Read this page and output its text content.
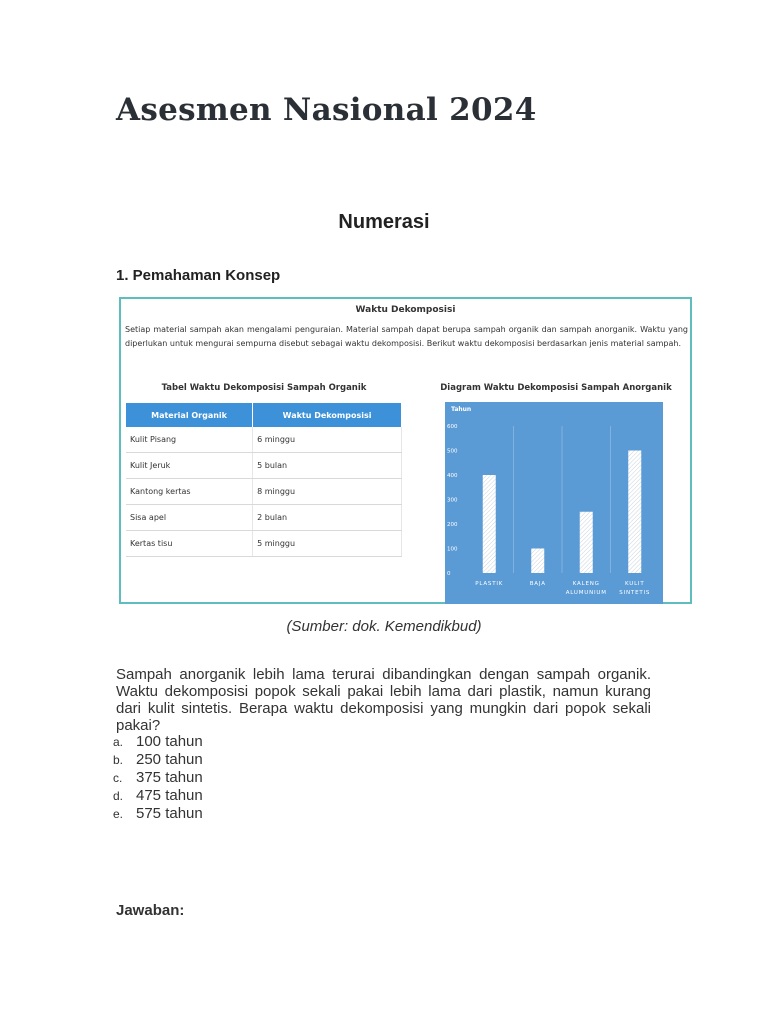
Asesmen Nasional 2024
Numerasi
1. Pemahaman Konsep
Waktu Dekomposisi
Setiap material sampah akan mengalami penguraian. Material sampah dapat berupa sampah organik dan sampah anorganik. Waktu yang diperlukan untuk mengurai sempurna disebut sebagai waktu dekomposisi. Berikut waktu dekomposisi berdasarkan jenis material sampah.
Tabel Waktu Dekomposisi Sampah Organik
Material Organik	Waktu Dekomposisi
Kulit Pisang	6 minggu
Kulit Jeruk	5 bulan
Kantong kertas	8 minggu
Sisa apel	2 bulan
Kertas tisu	5 minggu
Diagram Waktu Dekomposisi Sampah Anorganik
Tahun
0
100
200
300
400
500
600
PLASTIK	BAJA	KALENG
ALUMUNIUM
KULIT
SINTETIS
(Sumber: dok. Kemendikbud)

Sampah anorganik lebih lama terurai dibandingkan dengan sampah organik. Waktu dekomposisi popok sekali pakai lebih lama dari plastik, namun kurang dari kulit sintetis. Berapa waktu dekomposisi yang mungkin dari popok sekali pakai?

a. 100 tahun
b. 250 tahun
c. 375 tahun
d. 475 tahun
e. 575 tahun
Jawaban:
